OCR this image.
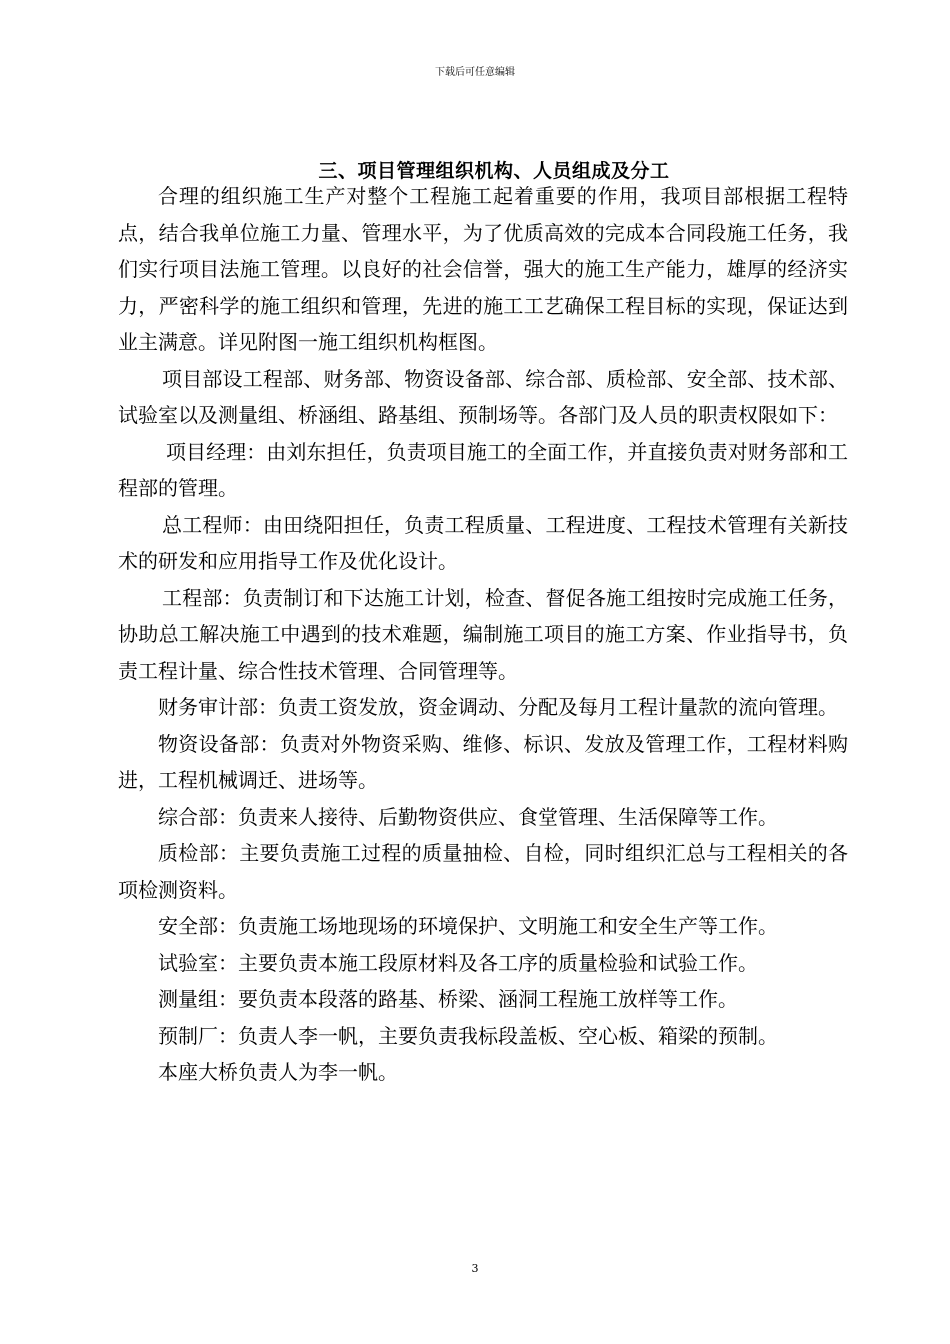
下载后可任意编辑
三、项目管理组织机构、人员组成及分工

合理的组织施工生产对整个工程施工起着重要的作用，我项目部根据工程特点，结合我单位施工力量、管理水平，为了优质高效的完成本合同段施工任务，我们实行项目法施工管理。以良好的社会信誉，强大的施工生产能力，雄厚的经济实力，严密科学的施工组织和管理，先进的施工工艺确保工程目标的实现，保证达到业主满意。详见附图一施工组织机构框图。

项目部设工程部、财务部、物资设备部、综合部、质检部、安全部、技术部、试验室以及测量组、桥涵组、路基组、预制场等。各部门及人员的职责权限如下：

项目经理：由刘东担任，负责项目施工的全面工作，并直接负责对财务部和工程部的管理。

总工程师：由田绕阳担任，负责工程质量、工程进度、工程技术管理有关新技术的研发和应用指导工作及优化设计。

工程部：负责制订和下达施工计划，检查、督促各施工组按时完成施工任务，协助总工解决施工中遇到的技术难题，编制施工项目的施工方案、作业指导书，负责工程计量、综合性技术管理、合同管理等。

财务审计部：负责工资发放，资金调动、分配及每月工程计量款的流向管理。

物资设备部：负责对外物资采购、维修、标识、发放及管理工作，工程材料购进，工程机械调迁、进场等。

综合部：负责来人接待、后勤物资供应、食堂管理、生活保障等工作。

质检部：主要负责施工过程的质量抽检、自检，同时组织汇总与工程相关的各项检测资料。

安全部：负责施工场地现场的环境保护、文明施工和安全生产等工作。

试验室：主要负责本施工段原材料及各工序的质量检验和试验工作。

测量组：要负责本段落的路基、桥梁、涵洞工程施工放样等工作。

预制厂：负责人李一帆，主要负责我标段盖板、空心板、箱梁的预制。

本座大桥负责人为李一帆。

3
